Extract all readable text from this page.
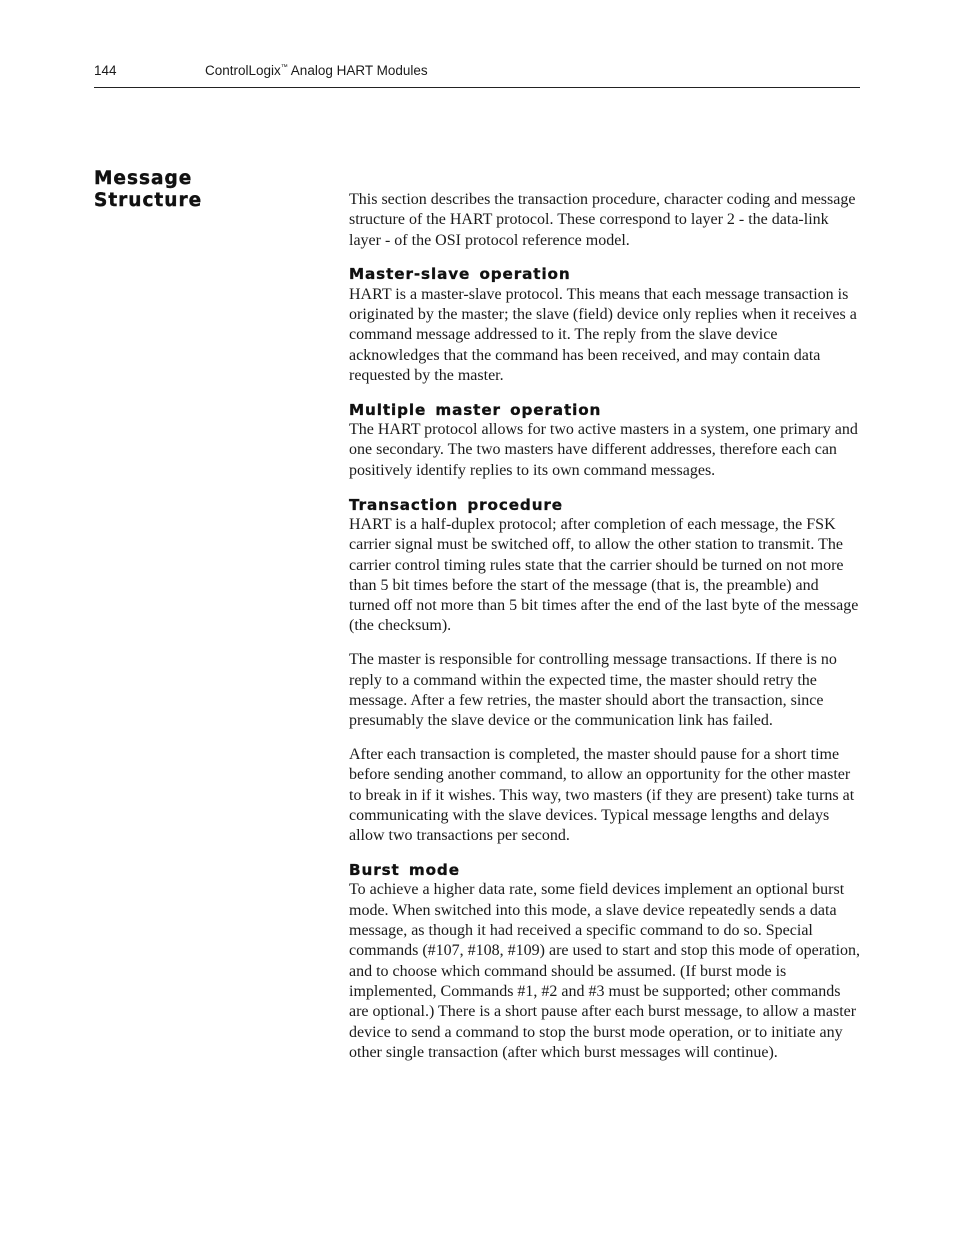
144	ControlLogix™ Analog HART Modules
Message
Structure	This section describes the transaction procedure, character coding and message structure of the HART protocol. These correspond to layer 2 - the data-link layer - of the OSI protocol reference model.

Master-slave operation

HART is a master-slave protocol. This means that each message transaction is originated by the master; the slave (field) device only replies when it receives a command message addressed to it. The reply from the slave device acknowledges that the command has been received, and may contain data requested by the master.

Multiple master operation

The HART protocol allows for two active masters in a system, one primary and one secondary. The two masters have different addresses, therefore each can positively identify replies to its own command messages.

Transaction procedure

HART is a half-duplex protocol; after completion of each message, the FSK carrier signal must be switched off, to allow the other station to transmit. The carrier control timing rules state that the carrier should be turned on not more than 5 bit times before the start of the message (that is, the preamble) and turned off not more than 5 bit times after the end of the last byte of the message (the checksum).

The master is responsible for controlling message transactions. If there is no reply to a command within the expected time, the master should retry the message. After a few retries, the master should abort the transaction, since presumably the slave device or the communication link has failed.

After each transaction is completed, the master should pause for a short time before sending another command, to allow an opportunity for the other master to break in if it wishes. This way, two masters (if they are present) take turns at communicating with the slave devices. Typical message lengths and delays allow two transactions per second.

Burst mode

To achieve a higher data rate, some field devices implement an optional burst mode. When switched into this mode, a slave device repeatedly sends a data message, as though it had received a specific command to do so. Special commands (#107, #108, #109) are used to start and stop this mode of operation, and to choose which command should be assumed. (If burst mode is implemented, Commands #1, #2 and #3 must be supported; other commands are optional.) There is a short pause after each burst message, to allow a master device to send a command to stop the burst mode operation, or to initiate any other single transaction (after which burst messages will continue).
